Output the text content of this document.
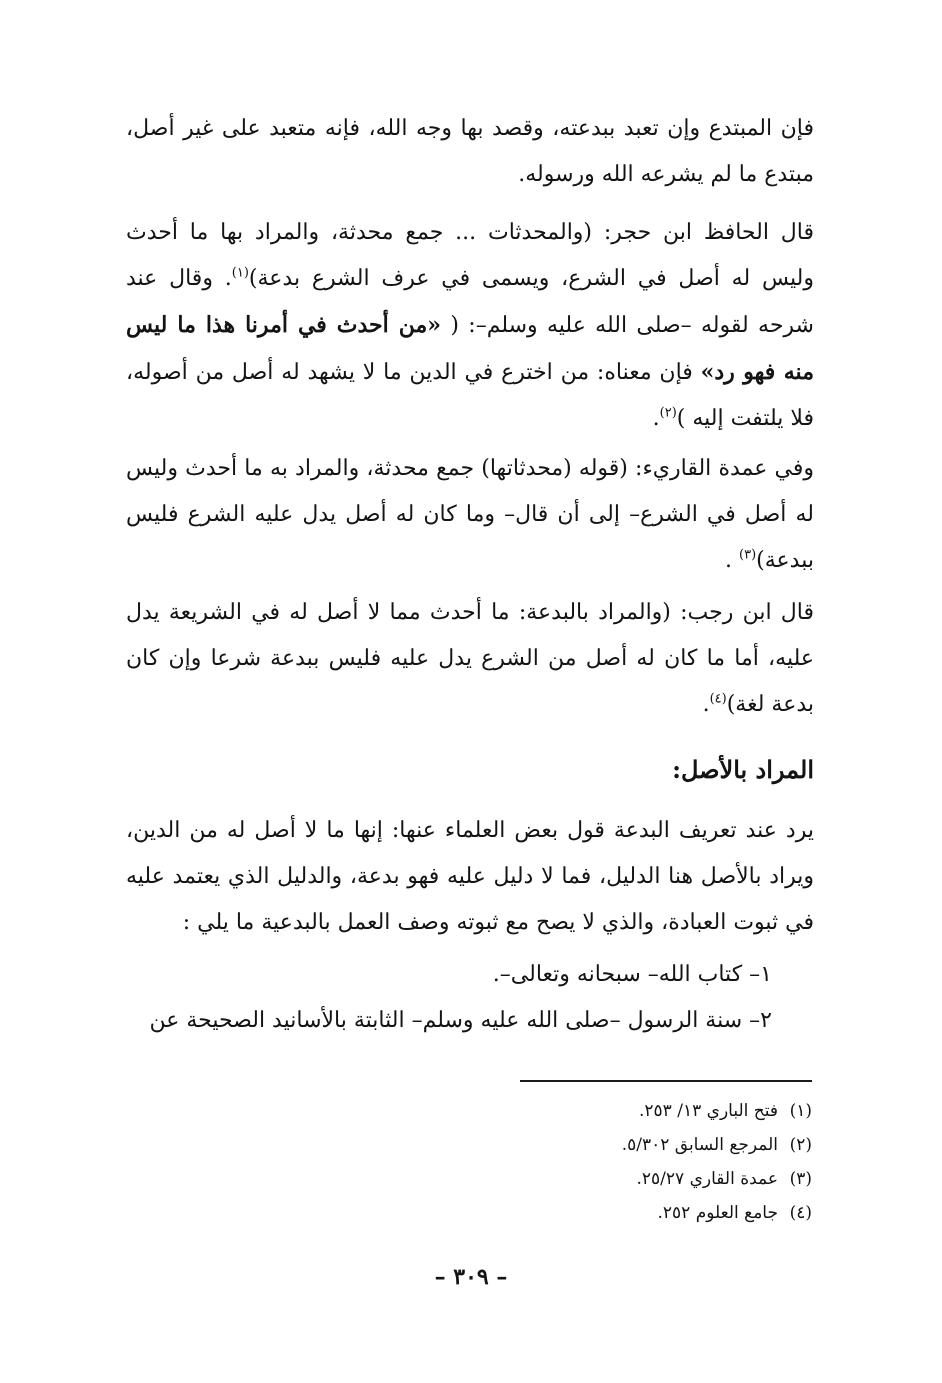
فإن المبتدع وإن تعبد ببدعته، وقصد بها وجه الله، فإنه متعبد على غير أصل، مبتدع ما لم يشرعه الله ورسوله.

قال الحافظ ابن حجر: (والمحدثات ... جمع محدثة، والمراد بها ما أحدث وليس له أصل في الشرع، ويسمى في عرف الشرع بدعة)$^{(١)}$. وقال عند شرحه لقوله –صلى الله عليه وسلم–: ( «من أحدث في أمرنا هذا ما ليس منه فهو رد» فإن معناه: من اخترع في الدين ما لا يشهد له أصل من أصوله، فلا يلتفت إليه )$^{(٢)}$.

وفي عمدة القاريء: (قوله (محدثاتها) جمع محدثة، والمراد به ما أحدث وليس له أصل في الشرع– إلى أن قال– وما كان له أصل يدل عليه الشرع فليس ببدعة)$^{(٣)}$ .

قال ابن رجب: (والمراد بالبدعة: ما أحدث مما لا أصل له في الشريعة يدل عليه، أما ما كان له أصل من الشرع يدل عليه فليس ببدعة شرعا وإن كان بدعة لغة)$^{(٤)}$.

المراد بالأصل:

يرد عند تعريف البدعة قول بعض العلماء عنها: إنها ما لا أصل له من الدين، ويراد بالأصل هنا الدليل، فما لا دليل عليه فهو بدعة، والدليل الذي يعتمد عليه في ثبوت العبادة، والذي لا يصح مع ثبوته وصف العمل بالبدعية ما يلي :

١– كتاب الله– سبحانه وتعالى–.

٢– سنة الرسول –صلى الله عليه وسلم– الثابتة بالأسانيد الصحيحة عن

(١)فتح الباري ١٣/ ٢٥٣.

(٢)المرجع السابق ٥/٣٠٢.

(٣)عمدة القاري ٢٥/٢٧.

(٤)جامع العلوم ٢٥٢.

– ٣٠٩ –
